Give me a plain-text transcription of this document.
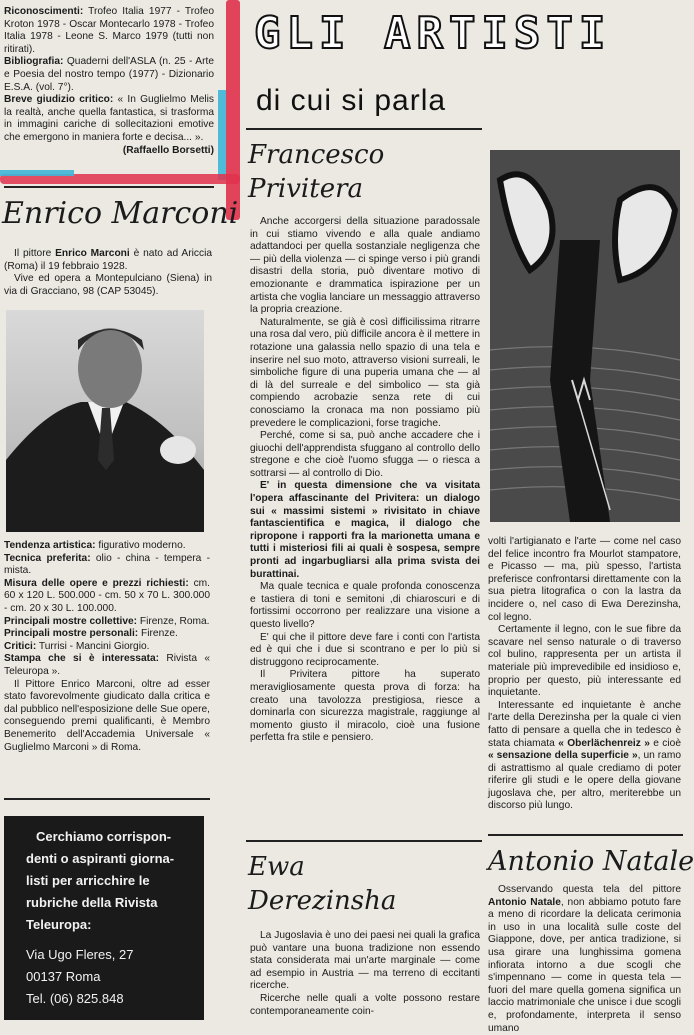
GLI ARTISTI
di cui si parla

Riconoscimenti: Trofeo Italia 1977 - Trofeo Kroton 1978 - Oscar Montecarlo 1978 - Trofeo Italia 1978 - Leone S. Marco 1979 (tutti non ritirati).

Bibliografia: Quaderni dell'ASLA (n. 25 - Arte e Poesia del nostro tempo (1977) - Dizionario E.S.A. (vol. 7°).

Breve giudizio critico: « In Guglielmo Melis la realtà, anche quella fantastica, si trasforma in immagini cariche di sollecitazioni emotive che emergono in maniera forte e decisa... ».

(Raffaello Borsetti)

Enrico Marconi

Il pittore Enrico Marconi è nato ad Ariccia (Roma) il 19 febbraio 1928.

Vive ed opera a Montepulciano (Siena) in via di Gracciano, 98 (CAP 53045).

Tendenza artistica: figurativo moderno.

Tecnica preferita: olio - china - tempera - mista.

Misura delle opere e prezzi richiesti: cm. 60 x 120 L. 500.000 - cm. 50 x 70 L. 300.000 - cm. 20 x 30 L. 100.000.

Principali mostre collettive: Firenze, Roma.

Principali mostre personali: Firenze.

Critici: Turrisi - Mancini Giorgio.

Stampa che si è interessata: Rivista « Teleuropa ».

Il Pittore Enrico Marconi, oltre ad esser stato favorevolmente giudicato dalla critica e dal pubblico nell'esposizione delle Sue opere, conseguendo premi qualificanti, è Membro Benemerito dell'Accademia Universale « Guglielmo Marconi » di Roma.

Cerchiamo corrispon-
denti o aspiranti giorna-
listi per arricchire le
rubriche della Rivista
Teleuropa:
Via Ugo Fleres, 27
00137 Roma
Tel. (06) 825.848
Francesco
Privitera

Anche accorgersi della situazione paradossale in cui stiamo vivendo e alla quale andiamo adattandoci per quella sostanziale negligenza che — più della violenza — ci spinge verso i più grandi disastri della storia, può diventare motivo di emozionante e drammatica ispirazione per un artista che voglia lanciare un messaggio attraverso la propria creazione.

Naturalmente, se già è così difficilissima ritrarre una rosa dal vero, più difficile ancora è il mettere in rotazione una galassia nello spazio di una tela e inserire nel suo moto, attraverso visioni surreali, le simboliche figure di una puperia umana che — al di là del surreale e del simbolico — sta già compiendo acrobazie senza rete di cui conosciamo la cronaca ma non possiamo più prevedere le complicazioni, forse tragiche.

Perché, come si sa, può anche accadere che i giuochi dell'apprendista sfuggano al controllo dello stregone e che cioè l'uomo sfugga — o riesca a sottrarsi — al controllo di Dio.

E' in questa dimensione che va visitata l'opera affascinante del Privitera: un dialogo sui « massimi sistemi » rivisitato in chiave fantascientifica e magica, il dialogo che ripropone i rapporti fra la marionetta umana e tutti i misteriosi fili ai quali è sospesa, sempre pronti ad ingarbugliarsi alla prima svista dei burattinai.

Ma quale tecnica e quale profonda conoscenza e tastiera di toni e semitoni ,di chiaroscuri e di fortissimi occorrono per realizzare una visione a questo livello?

E' qui che il pittore deve fare i conti con l'artista ed è qui che i due si scontrano e per lo più si distruggono reciprocamente.

Il Privitera pittore ha superato meravigliosamente questa prova di forza: ha creato una tavolozza prestigiosa, riesce a dominarla con sicurezza magistrale, raggiunge al momento giusto il miracolo, cioè una fusione perfetta fra stile e pensiero.

Ewa
Derezinsha

La Jugoslavia è uno dei paesi nei quali la grafica può vantare una buona tradizione non essendo stata considerata mai un'arte marginale — come ad esempio in Austria — ma terreno di eccitanti ricerche.

Ricerche nelle quali a volte possono restare contemporaneamente coin-

volti l'artigianato e l'arte — come nel caso del felice incontro fra Mourlot stampatore, e Picasso — ma, più spesso, l'artista preferisce confrontarsi direttamente con la sua pietra litografica o con la lastra da incidere o, nel caso di Ewa Derezinsha, col legno.

Certamente il legno, con le sue fibre da scavare nel senso naturale o di traverso col bulino, rappresenta per un artista il materiale più imprevedibile ed insidioso e, proprio per questo, più interessante ed inquietante.

Interessante ed inquietante è anche l'arte della Derezinsha per la quale ci vien fatto di pensare a quella che in tedesco è stata chiamata « Oberlächenreiz » e cioè « sensazione della superficie », un ramo di astrattismo al quale crediamo di poter riferire gli studi e le opere della giovane jugoslava che, per altro, meriterebbe un discorso più lungo.

Antonio Natale

Osservando questa tela del pittore Antonio Natale, non abbiamo potuto fare a meno di ricordare la delicata cerimonia in uso in una località sulle coste del Giappone, dove, per antica tradizione, si usa girare una lunghissima gomena infiorata intorno a due scogli che s'impennano — come in questa tela — fuori del mare quella gomena significa un laccio matrimoniale che unisce i due scogli e, profondamente, interpreta il senso umano
